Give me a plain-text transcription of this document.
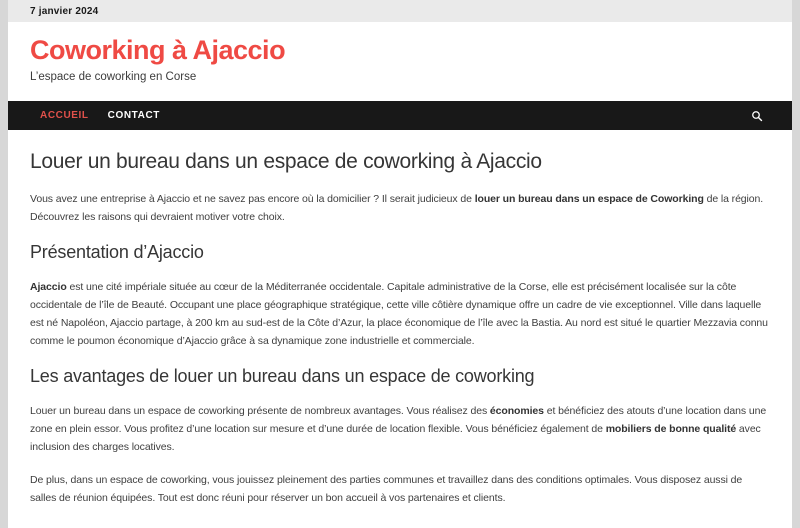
7 janvier 2024
Coworking à Ajaccio

L’espace de coworking en Corse

ACCUEIL CONTACT
Louer un bureau dans un espace de coworking à Ajaccio

Vous avez une entreprise à Ajaccio et ne savez pas encore où la domicilier ? Il serait judicieux de louer un bureau dans un espace de Coworking de la région. Découvrez les raisons qui devraient motiver votre choix.

Présentation d’Ajaccio

Ajaccio est une cité impériale située au cœur de la Méditerranée occidentale. Capitale administrative de la Corse, elle est précisément localisée sur la côte occidentale de l’île de Beauté. Occupant une place géographique stratégique, cette ville côtière dynamique offre un cadre de vie exceptionnel. Ville dans laquelle est né Napoléon, Ajaccio partage, à 200 km au sud-est de la Côte d’Azur, la place économique de l’île avec la Bastia. Au nord est situé le quartier Mezzavia connu comme le poumon économique d’Ajaccio grâce à sa dynamique zone industrielle et commerciale.

Les avantages de louer un bureau dans un espace de coworking

Louer un bureau dans un espace de coworking présente de nombreux avantages. Vous réalisez des économies et bénéficiez des atouts d’une location dans une zone en plein essor. Vous profitez d’une location sur mesure et d’une durée de location flexible. Vous bénéficiez également de mobiliers de bonne qualité avec inclusion des charges locatives.

De plus, dans un espace de coworking, vous jouissez pleinement des parties communes et travaillez dans des conditions optimales. Vous disposez aussi de salles de réunion équipées. Tout est donc réuni pour réserver un bon accueil à vos partenaires et clients.
